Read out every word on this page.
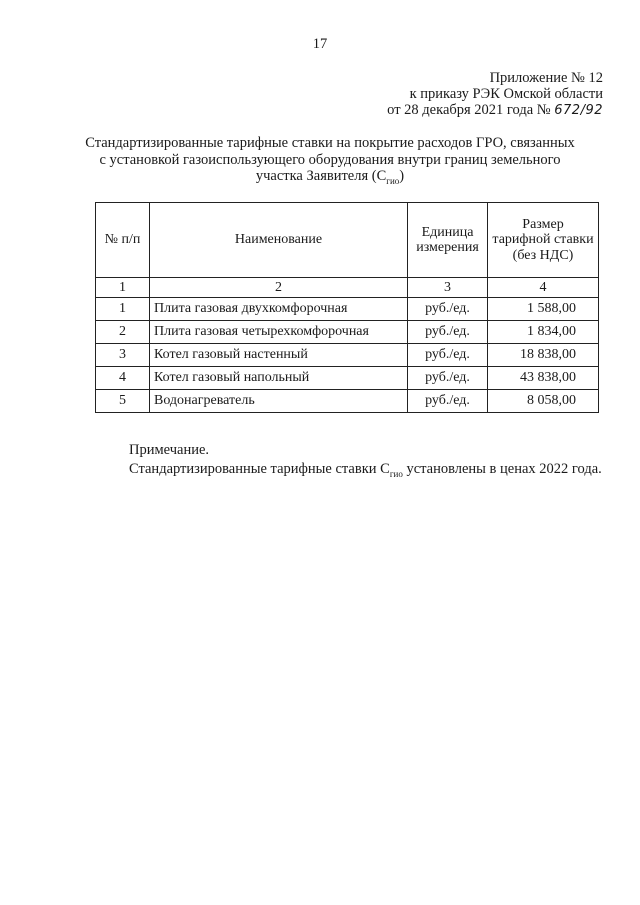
17
Приложение № 12
к приказу РЭК Омской области
от 28 декабря 2021 года № 672/92
Стандартизированные тарифные ставки на покрытие расходов ГРО, связанных
с установкой газоиспользующего оборудования внутри границ земельного
участка Заявителя $(С_{гио})$
№ п/п	Наименование	Единица измерения	Размер тарифной ставки (без НДС)
1	2	3	4
1	Плита газовая двухкомфорочная	руб./ед.	1 588,00
2	Плита газовая четырехкомфорочная	руб./ед.	1 834,00
3	Котел газовый настенный	руб./ед.	18 838,00
4	Котел газовый напольный	руб./ед.	43 838,00
5	Водонагреватель	руб./ед.	8 058,00
Примечание.
Стандартизированные тарифные ставки $С_{гио}$ установлены в ценах 2022 года.
